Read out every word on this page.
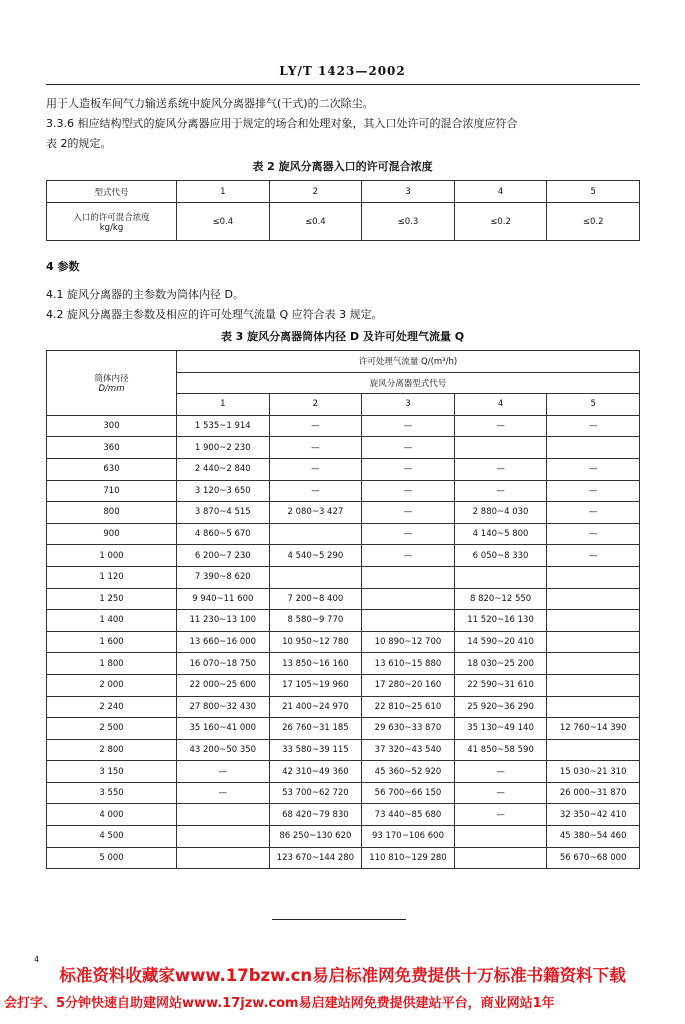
LY/T 1423—2002
用于人造板车间气力输送系统中旋风分离器排气(干式)的二次除尘。
3.3.6 相应结构型式的旋风分离器应用于规定的场合和处理对象，其入口处许可的混合浓度应符合
表 2的规定。
表 2 旋风分离器入口的许可混合浓度
型式代号	1	2	3	4	5

入口的许可混合浓度
kg/kg	≤0.4	≤0.4	≤0.3	≤0.2	≤0.2
4 参数
4.1 旋风分离器的主参数为筒体内径 D。
4.2 旋风分离器主参数及相应的许可处理气流量 Q 应符合表 3 规定。
表 3 旋风分离器筒体内径 D 及许可处理气流量 Q
筒体内径
D/mm	许可处理气流量 Q/(m³/h)				
	旋风分离器型式代号				
	1	2	3	4	5
300	1 535~1 914	—	—	—	—
360	1 900~2 230	—	—		
630	2 440~2 840	—	—	—	—
710	3 120~3 650	—	—	—	—
800	3 870~4 515	2 080~3 427	—	2 880~4 030	—
900	4 860~5 670		—	4 140~5 800	—
1 000	6 200~7 230	4 540~5 290	—	6 050~8 330	—
1 120	7 390~8 620				
1 250	9 940~11 600	7 200~8 400		8 820~12 550	
1 400	11 230~13 100	8 580~9 770		11 520~16 130	
1 600	13 660~16 000	10 950~12 780	10 890~12 700	14 590~20 410	
1 800	16 070~18 750	13 850~16 160	13 610~15 880	18 030~25 200	
2 000	22 000~25 600	17 105~19 960	17 280~20 160	22 590~31 610	
2 240	27 800~32 430	21 400~24 970	22 810~25 610	25 920~36 290	
2 500	35 160~41 000	26 760~31 185	29 630~33 870	35 130~49 140	12 760~14 390
2 800	43 200~50 350	33 580~39 115	37 320~43 540	41 850~58 590	
3 150	—	42 310~49 360	45 360~52 920	—	15 030~21 310
3 550	—	53 700~62 720	56 700~66 150	—	26 000~31 870
4 000		68 420~79 830	73 440~85 680	—	32 350~42 410
4 500		86 250~130 620	93 170~106 600		45 380~54 460
5 000		123 670~144 280	110 810~129 280		56 670~68 000
4
标准资料收藏家www.17bzw.cn易启标准网免费提供十万标准书籍资料下载
会打字、5分钟快速自助建网站www.17jzw.com易启建站网免费提供建站平台，商业网站1年
